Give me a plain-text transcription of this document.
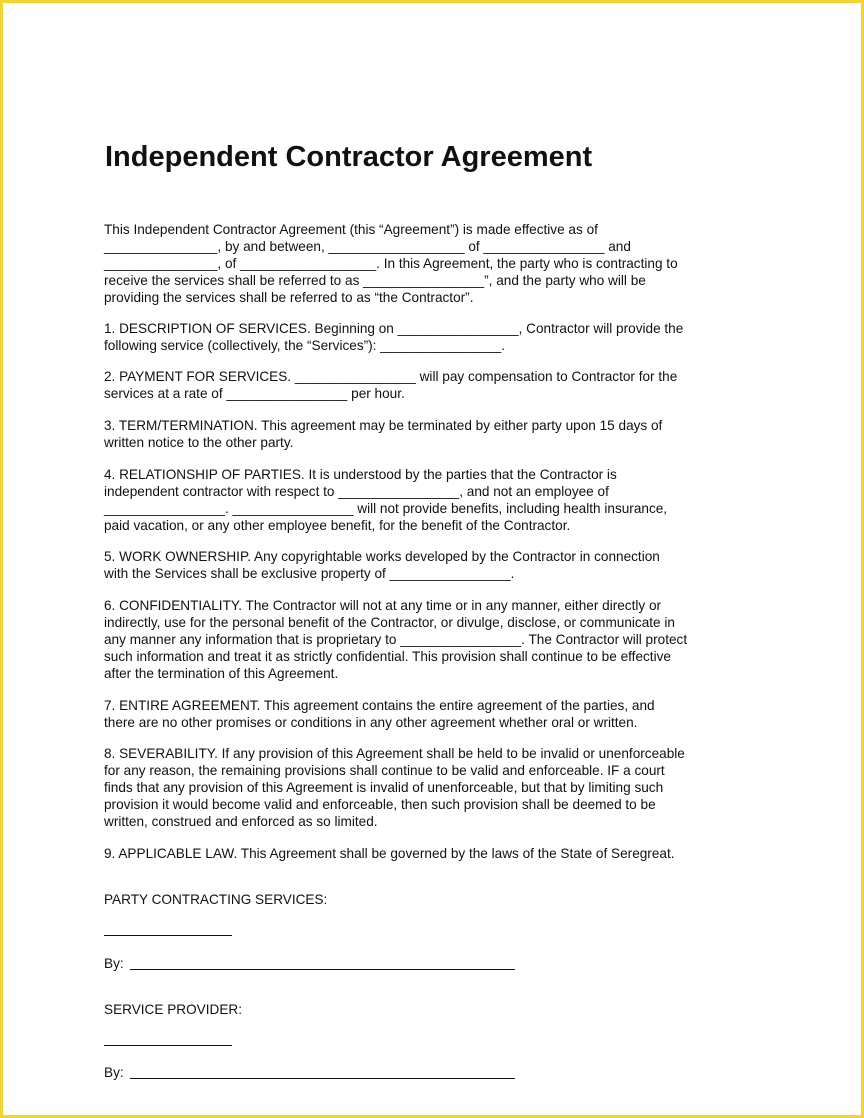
Independent Contractor Agreement
This Independent Contractor Agreement (this “Agreement”) is made effective as of
_______________, by and between, __________________ of ________________ and
_______________, of __________________. In this Agreement, the party who is contracting to
receive the services shall be referred to as ________________”, and the party who will be
providing the services shall be referred to as “the Contractor”.
1. DESCRIPTION OF SERVICES. Beginning on ________________, Contractor will provide the
following service (collectively, the “Services”): ________________.
2. PAYMENT FOR SERVICES. ________________ will pay compensation to Contractor for the
services at a rate of ________________ per hour.
3. TERM/TERMINATION. This agreement may be terminated by either party upon 15 days of
written notice to the other party.
4. RELATIONSHIP OF PARTIES. It is understood by the parties that the Contractor is
independent contractor with respect to ________________, and not an employee of
________________. ________________ will not provide benefits, including health insurance,
paid vacation, or any other employee benefit, for the benefit of the Contractor.
5. WORK OWNERSHIP. Any copyrightable works developed by the Contractor in connection
with the Services shall be exclusive property of ________________.
6. CONFIDENTIALITY. The Contractor will not at any time or in any manner, either directly or
indirectly, use for the personal benefit of the Contractor, or divulge, disclose, or communicate in
any manner any information that is proprietary to ________________. The Contractor will protect
such information and treat it as strictly confidential. This provision shall continue to be effective
after the termination of this Agreement.
7. ENTIRE AGREEMENT. This agreement contains the entire agreement of the parties, and
there are no other promises or conditions in any other agreement whether oral or written.
8. SEVERABILITY. If any provision of this Agreement shall be held to be invalid or unenforceable
for any reason, the remaining provisions shall continue to be valid and enforceable. IF a court
finds that any provision of this Agreement is invalid of unenforceable, but that by limiting such
provision it would become valid and enforceable, then such provision shall be deemed to be
written, construed and enforced as so limited.
9. APPLICABLE LAW. This Agreement shall be governed by the laws of the State of Seregreat.
PARTY CONTRACTING SERVICES:
By:
SERVICE PROVIDER:
By:
